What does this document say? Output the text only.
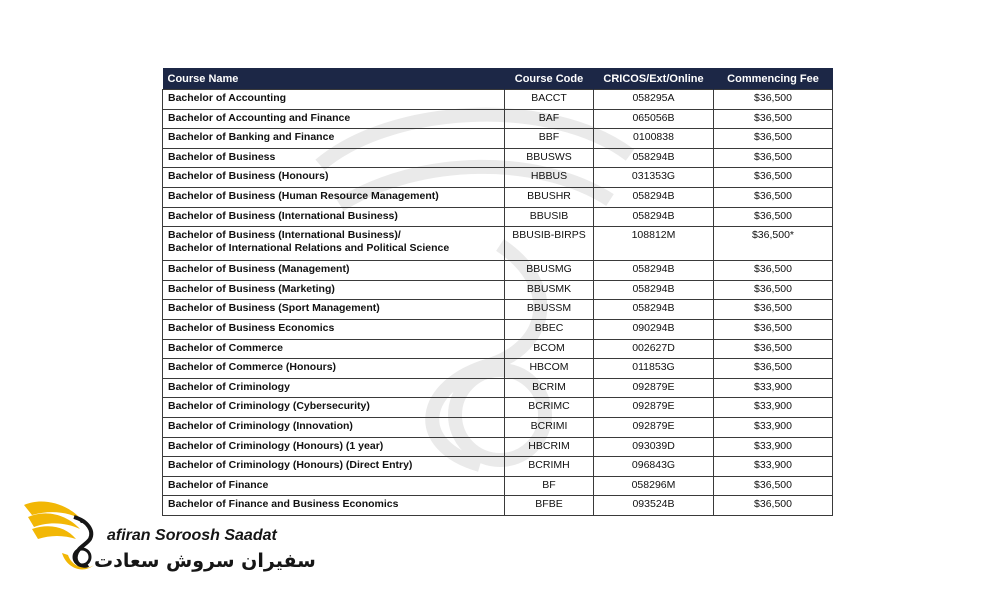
Course Name	Course Code	CRICOS/Ext/Online	Commencing Fee

Bachelor of Accounting	BACCT	058295A	$36,500

Bachelor of Accounting and Finance	BAF	065056B	$36,500

Bachelor of Banking and Finance	BBF	0100838	$36,500

Bachelor of Business	BBUSWS	058294B	$36,500

Bachelor of Business (Honours)	HBBUS	031353G	$36,500

Bachelor of Business (Human Resource Management)	BBUSHR	058294B	$36,500

Bachelor of Business (International Business)	BBUSIB	058294B	$36,500

Bachelor of Business (International Business)/
Bachelor of International Relations and Political Science	BBUSIB-BIRPS	108812M	$36,500*

Bachelor of Business (Management)	BBUSMG	058294B	$36,500

Bachelor of Business (Marketing)	BBUSMK	058294B	$36,500

Bachelor of Business (Sport Management)	BBUSSM	058294B	$36,500

Bachelor of Business Economics	BBEC	090294B	$36,500

Bachelor of Commerce	BCOM	002627D	$36,500

Bachelor of Commerce (Honours)	HBCOM	011853G	$36,500

Bachelor of Criminology	BCRIM	092879E	$33,900

Bachelor of Criminology (Cybersecurity)	BCRIMC	092879E	$33,900

Bachelor of Criminology (Innovation)	BCRIMI	092879E	$33,900

Bachelor of Criminology (Honours) (1 year)	HBCRIM	093039D	$33,900

Bachelor of Criminology (Honours) (Direct Entry)	BCRIMH	096843G	$33,900

Bachelor of Finance	BF	058296M	$36,500

Bachelor of Finance and Business Economics	BFBE	093524B	$36,500
afiran Soroosh Saadat
سفیران سروش سعادت
